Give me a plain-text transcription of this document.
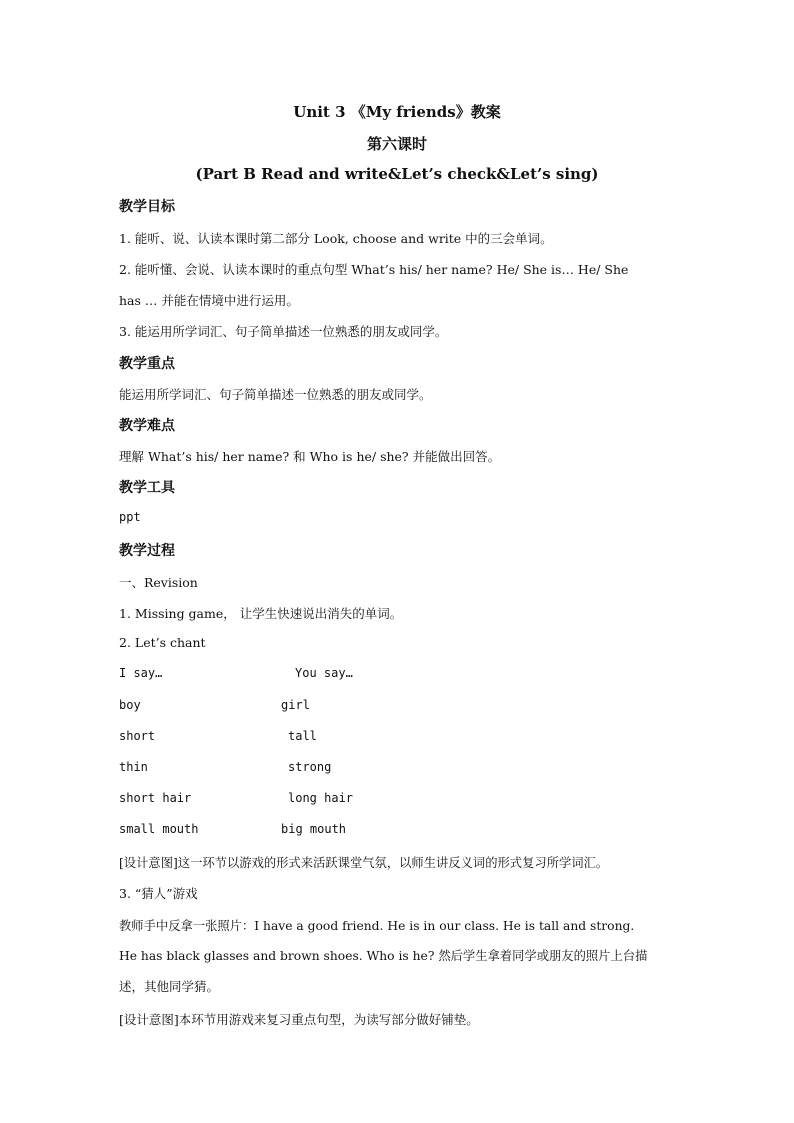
Unit 3 《My friends》教案
第六课时
(Part B Read and write&Let’s check&Let’s sing)
教学目标
1. 能听、说、认读本课时第二部分 Look, choose and write 中的三会单词。
2. 能听懂、会说、认读本课时的重点句型 What’s his/ her name? He/ She is… He/ She
has … 并能在情境中进行运用。
3. 能运用所学词汇、句子简单描述一位熟悉的朋友或同学。
教学重点
能运用所学词汇、句子简单描述一位熟悉的朋友或同学。
教学难点
理解 What’s his/ her name? 和 Who is he/ she? 并能做出回答。
教学工具
ppt
教学过程
一、Revision
1. Missing game， 让学生快速说出消失的单词。
2. Let’s chant
I say…	You say…
boy	girl
short	tall
thin	strong
short hair	long hair
small mouth	big mouth
[设计意图]这一环节以游戏的形式来活跃课堂气氛，以师生讲反义词的形式复习所学词汇。
3. “猜人”游戏
教师手中反拿一张照片：I have a good friend. He is in our class. He is tall and strong.
He has black glasses and brown shoes. Who is he? 然后学生拿着同学或朋友的照片上台描
述，其他同学猜。
[设计意图]本环节用游戏来复习重点句型，为读写部分做好铺垫。
